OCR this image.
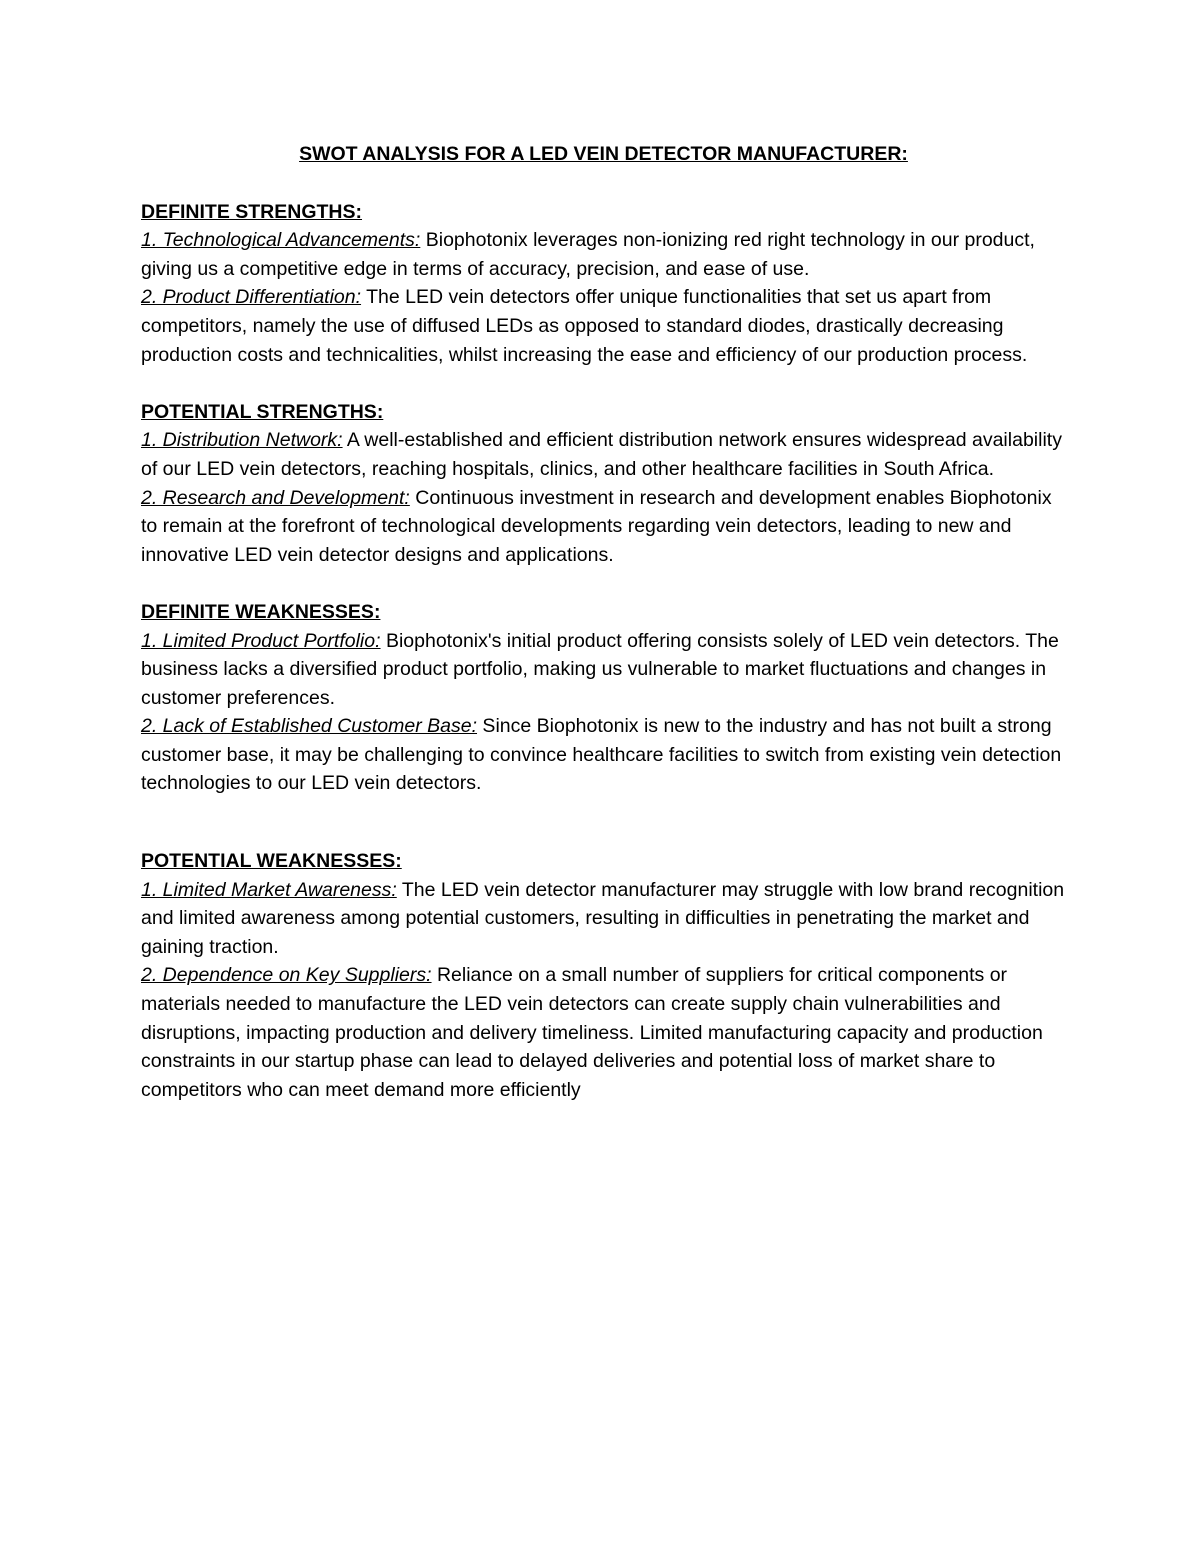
SWOT ANALYSIS FOR A LED VEIN DETECTOR MANUFACTURER:
DEFINITE STRENGTHS:

1. Technological Advancements: Biophotonix leverages non-ionizing red right technology in our product, giving us a competitive edge in terms of accuracy, precision, and ease of use.

2. Product Differentiation: The LED vein detectors offer unique functionalities that set us apart from competitors, namely the use of diffused LEDs as opposed to standard diodes, drastically decreasing production costs and technicalities, whilst increasing the ease and efficiency of our production process.

POTENTIAL STRENGTHS:

1. Distribution Network: A well-established and efficient distribution network ensures widespread availability of our LED vein detectors, reaching hospitals, clinics, and other healthcare facilities in South Africa.

2. Research and Development: Continuous investment in research and development enables Biophotonix to remain at the forefront of technological developments regarding vein detectors, leading to new and innovative LED vein detector designs and applications.

DEFINITE WEAKNESSES:

1. Limited Product Portfolio: Biophotonix's initial product offering consists solely of LED vein detectors. The business lacks a diversified product portfolio, making us vulnerable to market fluctuations and changes in customer preferences.

2. Lack of Established Customer Base: Since Biophotonix is new to the industry and has not built a strong customer base, it may be challenging to convince healthcare facilities to switch from existing vein detection technologies to our LED vein detectors.

POTENTIAL WEAKNESSES:

1. Limited Market Awareness: The LED vein detector manufacturer may struggle with low brand recognition and limited awareness among potential customers, resulting in difficulties in penetrating the market and gaining traction.

2. Dependence on Key Suppliers: Reliance on a small number of suppliers for critical components or materials needed to manufacture the LED vein detectors can create supply chain vulnerabilities and disruptions, impacting production and delivery timeliness. Limited manufacturing capacity and production constraints in our startup phase can lead to delayed deliveries and potential loss of market share to competitors who can meet demand more efficiently
